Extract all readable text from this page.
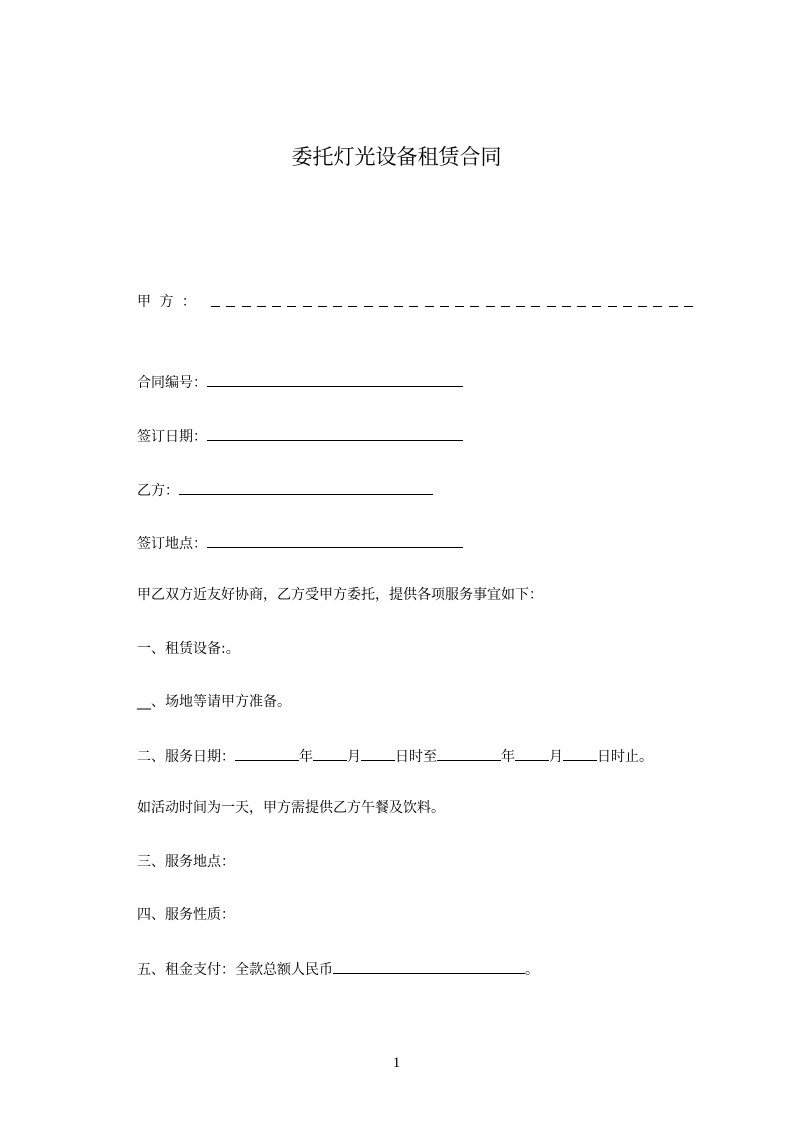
委托灯光设备租赁合同
甲 方 ：
合同编号：
签订日期：
乙方：
签订地点：
甲乙双方近友好协商，乙方受甲方委托，提供各项服务事宜如下：
一、租赁设备:。
__、场地等请甲方准备。
二、服务日期：	年 月 日时至	年 月 日时止。
如活动时间为一天，甲方需提供乙方午餐及饮料。
三、服务地点：
四、服务性质：
五、租金支付：全款总额人民币	。
1
